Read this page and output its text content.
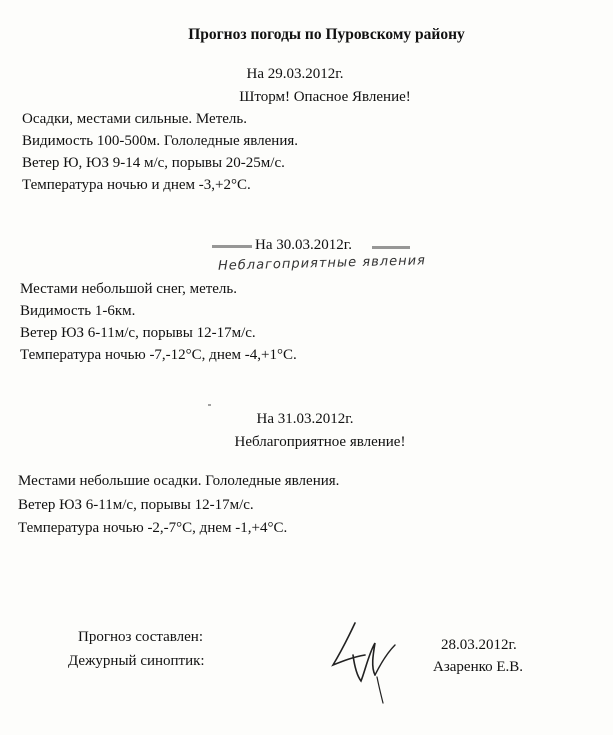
Прогноз погоды по Пуровскому району
На 29.03.2012г.
Шторм! Опасное Явление!
Осадки, местами сильные. Метель.
Видимость 100-500м. Гололедные явления.
Ветер Ю, ЮЗ 9-14 м/с, порывы 20-25м/с.
Температура ночью и днем -3,+2°С.
На 30.03.2012г.
Неблагоприятные явления
Местами небольшой снег, метель.
Видимость 1-6км.
Ветер ЮЗ 6-11м/с, порывы 12-17м/с.
Температура ночью -7,-12°С, днем -4,+1°С.
На 31.03.2012г.
Неблагоприятное явление!
Местами небольшие осадки. Гололедные явления.
Ветер ЮЗ 6-11м/с, порывы 12-17м/с.
Температура ночью -2,-7°С, днем -1,+4°С.
Прогноз составлен:
Дежурный синоптик:
28.03.2012г.
Азаренко Е.В.
